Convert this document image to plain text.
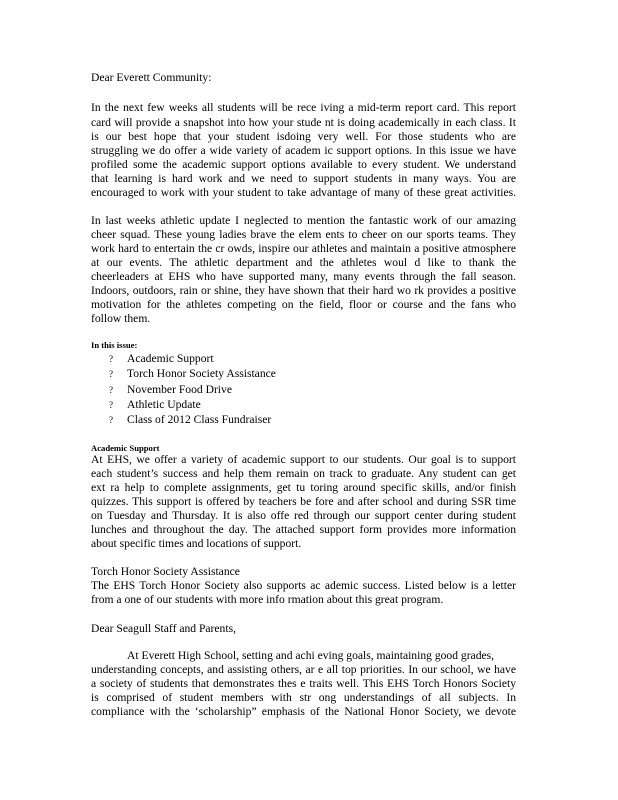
Dear Everett Community:
In the next few weeks all students will be rece iving a mid-term report card. This report
card will provide a snapshot into how your stude nt is doing academically in each class. It
is our best hope that your student isdoing very well. For those students who are
struggling we do offer a wide variety of academ ic support options. In this issue we have
profiled some the academic support options available to every student. We understand
that learning is hard work and we need to support students in many ways. You are
encouraged to work with your student to take advantage of many of these great activities.
In last weeks athletic update I neglected to mention the fantastic work of our amazing
cheer squad. These young ladies brave the elem ents to cheer on our sports teams. They
work hard to entertain the cr owds, inspire our athletes and maintain a positive atmosphere
at our events. The athletic department and the athletes woul d like to thank the
cheerleaders at EHS who have supported many, many events through the fall season.
Indoors, outdoors, rain or shine, they have shown that their hard wo rk provides a positive
motivation for the athletes competing on the field, floor or course and the fans who
follow them.
In this issue:
? Academic Support
? Torch Honor Society Assistance
? November Food Drive
? Athletic Update
? Class of 2012 Class Fundraiser
Academic Support
At EHS, we offer a variety of academic support to our students. Our goal is to support
each student’s success and help them remain on track to graduate. Any student can get
ext ra help to complete assignments, get tu toring around specific skills, and/or finish
quizzes. This support is offered by teachers be fore and after school and during SSR time
on Tuesday and Thursday. It is also offe red through our support center during student
lunches and throughout the day. The attached support form provides more information
about specific times and locations of support.
Torch Honor Society Assistance
The EHS Torch Honor Society also supports ac ademic success. Listed below is a letter
from a one of our students with more info rmation about this great program.
Dear Seagull Staff and Parents,
At Everett High School, setting and achi eving goals, maintaining good grades,
understanding concepts, and assisting others, ar e all top priorities. In our school, we have
a society of students that demonstrates thes e traits well. This EHS Torch Honors Society
is comprised of student members with str ong understandings of all subjects. In
compliance with the ‘scholarship” emphasis of the National Honor Society, we devote
